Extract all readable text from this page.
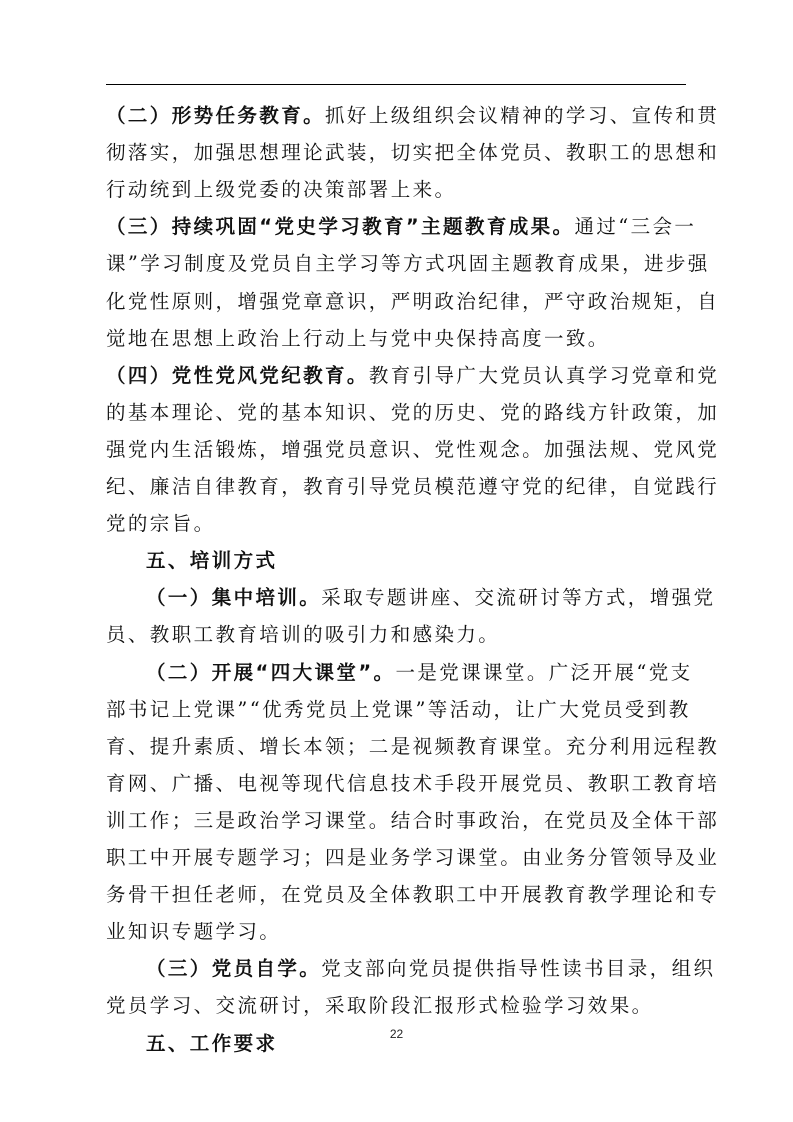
（二）形势任务教育。抓好上级组织会议精神的学习、宣传和贯
彻落实，加强思想理论武装，切实把全体党员、教职工的思想和
行动统到上级党委的决策部署上来。
（三）持续巩固“党史学习教育”主题教育成果。通过“三会一
课”学习制度及党员自主学习等方式巩固主题教育成果，进步强
化党性原则，增强党章意识，严明政治纪律，严守政治规矩，自
觉地在思想上政治上行动上与党中央保持高度一致。
（四）党性党风党纪教育。教育引导广大党员认真学习党章和党
的基本理论、党的基本知识、党的历史、党的路线方针政策，加
强党内生活锻炼，增强党员意识、党性观念。加强法规、党风党
纪、廉洁自律教育，教育引导党员模范遵守党的纪律，自觉践行
党的宗旨。
五、培训方式
（一）集中培训。采取专题讲座、交流研讨等方式，增强党
员、教职工教育培训的吸引力和感染力。
（二）开展“四大课堂”。一是党课课堂。广泛开展“党支
部书记上党课”“优秀党员上党课”等活动，让广大党员受到教
育、提升素质、增长本领；二是视频教育课堂。充分利用远程教
育网、广播、电视等现代信息技术手段开展党员、教职工教育培
训工作；三是政治学习课堂。结合时事政治，在党员及全体干部
职工中开展专题学习；四是业务学习课堂。由业务分管领导及业
务骨干担任老师，在党员及全体教职工中开展教育教学理论和专
业知识专题学习。
（三）党员自学。党支部向党员提供指导性读书目录，组织
党员学习、交流研讨，采取阶段汇报形式检验学习效果。
五、工作要求	22
